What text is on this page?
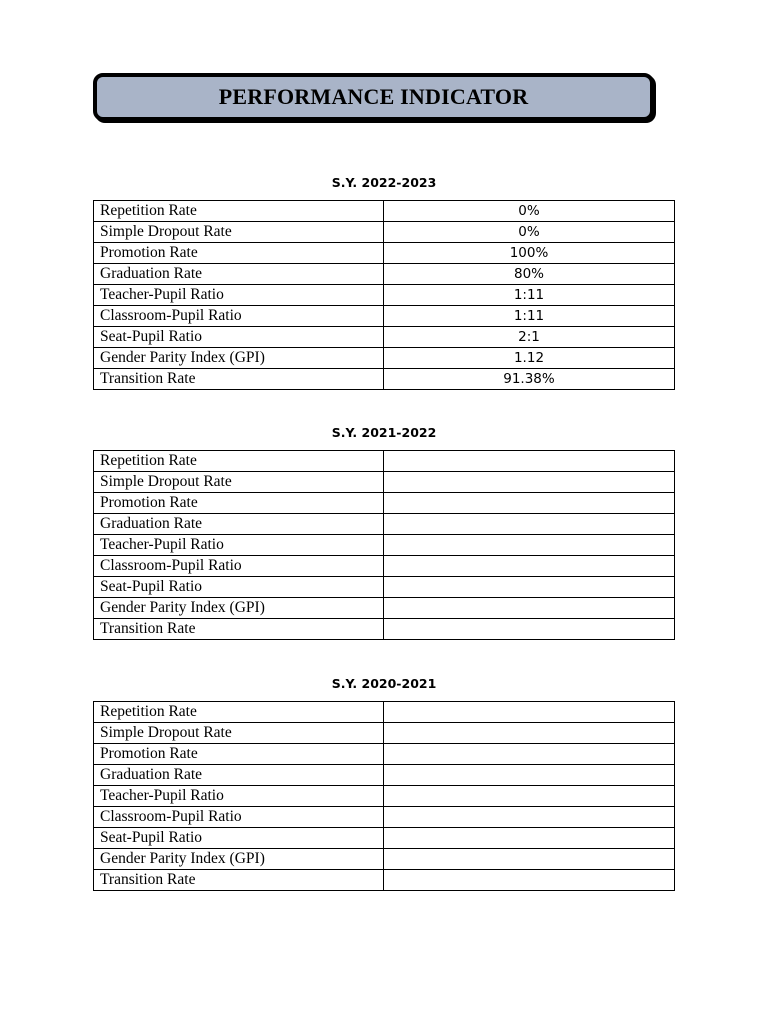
PERFORMANCE INDICATOR
S.Y. 2022-2023
Repetition Rate	0%
Simple Dropout Rate	0%
Promotion Rate	100%
Graduation Rate	80%
Teacher-Pupil Ratio	1:11
Classroom-Pupil Ratio	1:11
Seat-Pupil Ratio	2:1
Gender Parity Index (GPI)	1.12
Transition Rate	91.38%
S.Y. 2021-2022
Repetition Rate	
Simple Dropout Rate	
Promotion Rate	
Graduation Rate	
Teacher-Pupil Ratio	
Classroom-Pupil Ratio	
Seat-Pupil Ratio	
Gender Parity Index (GPI)	
Transition Rate	
S.Y. 2020-2021
Repetition Rate	
Simple Dropout Rate	
Promotion Rate	
Graduation Rate	
Teacher-Pupil Ratio	
Classroom-Pupil Ratio	
Seat-Pupil Ratio	
Gender Parity Index (GPI)	
Transition Rate	
